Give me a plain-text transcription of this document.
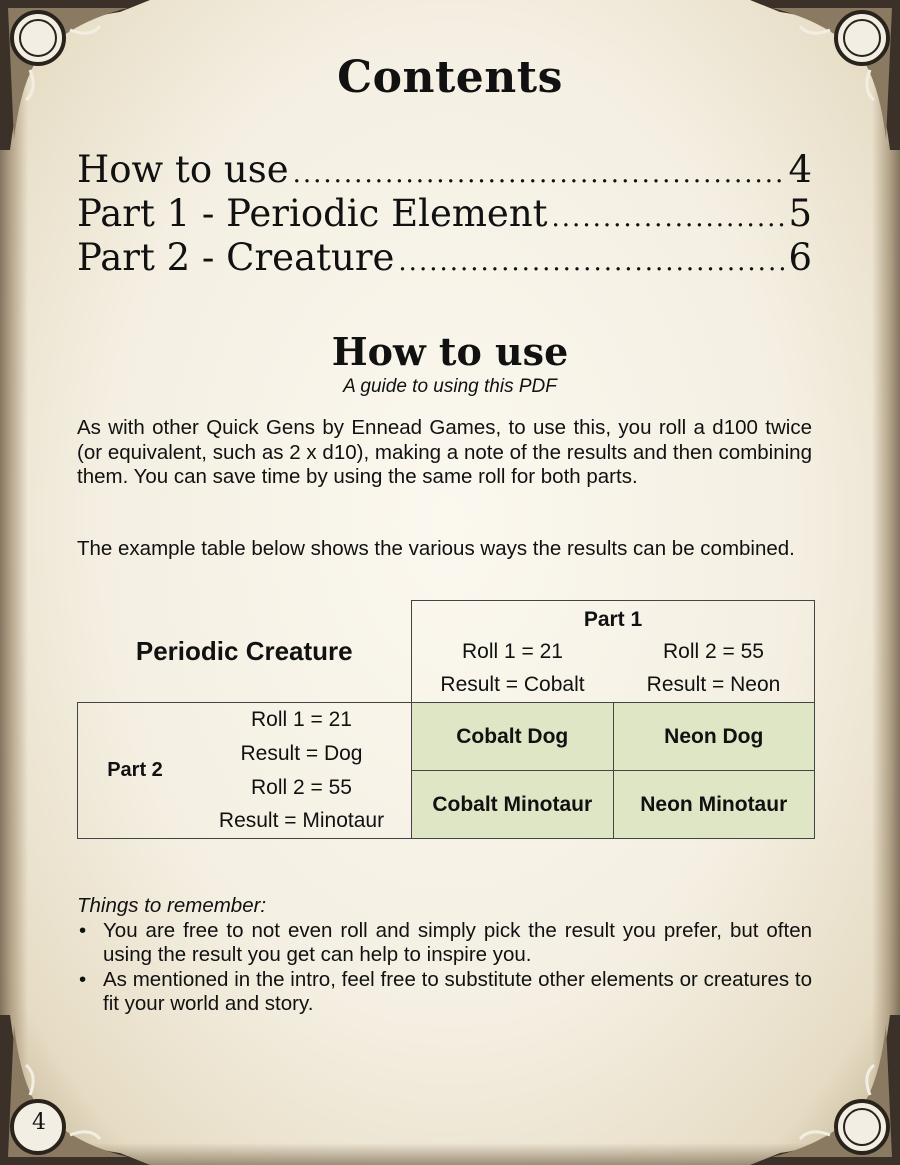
Contents
How to use .....	4
Part 1 - Periodic Element .....	5
Part 2 - Creature .....	6
How to use
A guide to using this PDF
As with other Quick Gens by Ennead Games, to use this, you roll a d100 twice (or equivalent, such as 2 x d10), making a note of the results and then combining them. You can save time by using the same roll for both parts.
The example table below shows the various ways the results can be combined.
Periodic Creature		Part 1	
		Roll 1 = 21	Roll 2 = 55
		Result = Cobalt	Result = Neon
Part 2	Roll 1 = 21	Cobalt Dog	Neon Dog
	Result = Dog		
	Roll 2 = 55	Cobalt Minotaur	Neon Minotaur
	Result = Minotaur		
Things to remember:
• You are free to not even roll and simply pick the result you prefer, but often using the result you get can help to inspire you.
• As mentioned in the intro, feel free to substitute other elements or creatures to fit your world and story.
4
